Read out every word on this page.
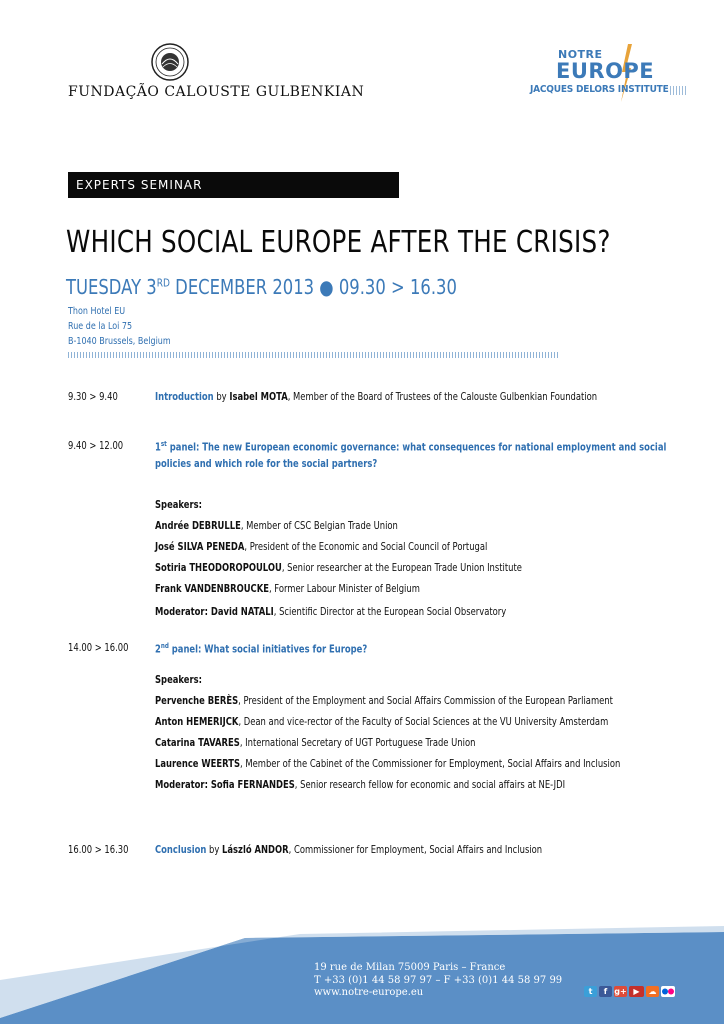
FUNDAÇÃO CALOUSTE GULBENKIAN
NOTRE
EUROPE
JACQUES DELORS INSTITUTE
EXPERTS SEMINAR
WHICH SOCIAL EUROPE AFTER THE CRISIS?
TUESDAY 3RD DECEMBER 2013 ● 09.30 > 16.30
Thon Hotel EU
Rue de la Loi 75
B-1040 Brussels, Belgium
9.30 > 9.40	Introduction by Isabel MOTA, Member of the Board of Trustees of the Calouste Gulbenkian Foundation
9.40 > 12.00	1st panel: The new European economic governance: what consequences for national employment and social
policies and which role for the social partners?
Speakers:
Andrée DEBRULLE, Member of CSC Belgian Trade Union
José SILVA PENEDA, President of the Economic and Social Council of Portugal
Sotiria THEODOROPOULOU, Senior researcher at the European Trade Union Institute
Frank VANDENBROUCKE, Former Labour Minister of Belgium
Moderator: David NATALI, Scientific Director at the European Social Observatory
14.00 > 16.00	2nd panel: What social initiatives for Europe?
Speakers:
Pervenche BERÈS, President of the Employment and Social Affairs Commission of the European Parliament
Anton HEMERIJCK, Dean and vice-rector of the Faculty of Social Sciences at the VU University Amsterdam
Catarina TAVARES, International Secretary of UGT Portuguese Trade Union
Laurence WEERTS, Member of the Cabinet of the Commissioner for Employment, Social Affairs and Inclusion
Moderator: Sofia FERNANDES, Senior research fellow for economic and social affairs at NE-JDI
16.00 > 16.30	Conclusion by László ANDOR, Commissioner for Employment, Social Affairs and Inclusion
19 rue de Milan 75009 Paris – France
T +33 (0)1 44 58 97 97 – F +33 (0)1 44 58 97 99
www.notre-europe.eu	t	f g+ ▶	☁
